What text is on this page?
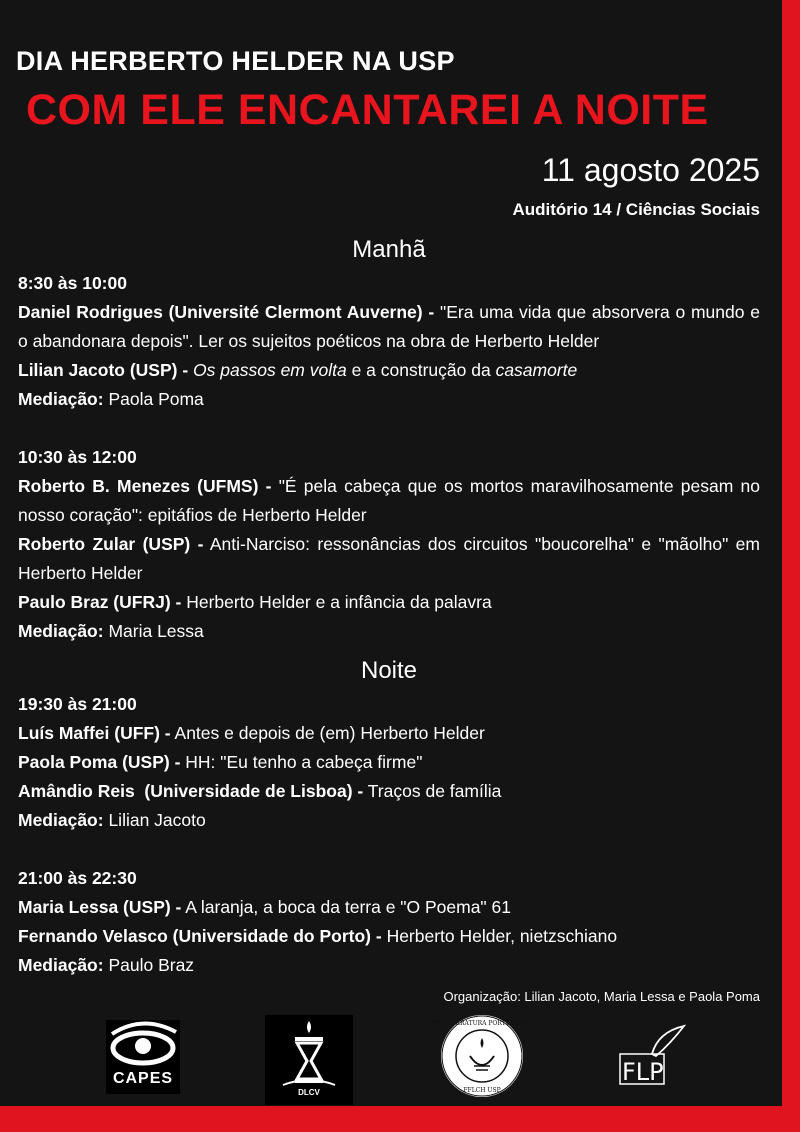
DIA HERBERTO HELDER NA USP
COM ELE ENCANTAREI A NOITE
11 agosto 2025
Auditório 14 / Ciências Sociais
Manhã
8:30 às 10:00
Daniel Rodrigues (Université Clermont Auverne) - "Era uma vida que absorvera o mundo e o abandonara depois". Ler os sujeitos poéticos na obra de Herberto Helder
Lilian Jacoto (USP) - Os passos em volta e a construção da casamorte
Mediação: Paola Poma
10:30 às 12:00
Roberto B. Menezes (UFMS) - "É pela cabeça que os mortos maravilhosamente pesam no nosso coração": epitáfios de Herberto Helder
Roberto Zular (USP) - Anti-Narciso: ressonâncias dos circuitos "boucorelha" e "mãolho" em Herberto Helder
Paulo Braz (UFRJ) - Herberto Helder e a infância da palavra
Mediação: Maria Lessa
Noite
19:30 às 21:00
Luís Maffei (UFF) - Antes e depois de (em) Herberto Helder
Paola Poma (USP) - HH: "Eu tenho a cabeça firme"
Amândio Reis  (Universidade de Lisboa) - Traços de família
Mediação: Lilian Jacoto
21:00 às 22:30
Maria Lessa (USP) - A laranja, a boca da terra e "O Poema" 61
Fernando Velasco (Universidade do Porto) - Herberto Helder, nietzschiano
Mediação: Paulo Braz
Organização: Lilian Jacoto, Maria Lessa e Paola Poma
CAPES
DLCV
PPG LITERATURA PORTUGUESA
FFLCH USP
FLP
